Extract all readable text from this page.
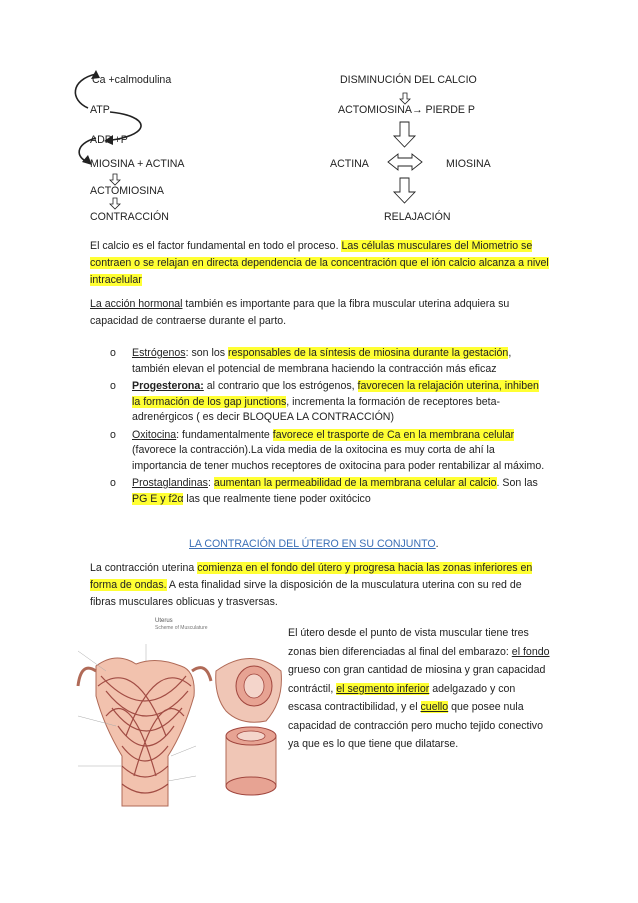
Ca +calmodulina
ATP
ADP +P
MIOSINA + ACTINA
ACTOMIOSINA
CONTRACCIÓN
DISMINUCIÓN DEL CALCIO
ACTOMIOSINA→ PIERDE P
ACTINA	MIOSINA
RELAJACIÓN
El calcio es el factor fundamental en todo el proceso. Las células musculares del Miometrio se contraen o se relajan en directa dependencia de la concentración que el ión calcio alcanza a nivel intracelular
La acción hormonal también es importante para que la fibra muscular uterina adquiera su capacidad de contraerse durante el parto.
o Estrógenos: son los responsables de la síntesis de miosina durante la gestación, también elevan el potencial de membrana haciendo la contracción más eficaz
o Progesterona: al contrario que los estrógenos, favorecen la relajación uterina, inhiben la formación de los gap junctions, incrementa la formación de receptores beta-adrenérgicos ( es decir BLOQUEA LA CONTRACCIÓN)
o Oxitocina: fundamentalmente favorece el trasporte de Ca en la membrana celular (favorece la contracción).La vida media de la oxitocina es muy corta de ahí la importancia de tener muchos receptores de oxitocina para poder rentabilizar al máximo.
o Prostaglandinas: aumentan la permeabilidad de la membrana celular al calcio. Son las PG E y f2α las que realmente tiene poder oxitócico
LA CONTRACIÓN DEL ÚTERO EN SU CONJUNTO.
La contracción uterina comienza en el fondo del útero y progresa hacia las zonas inferiores en forma de ondas. A esta finalidad sirve la disposición de la musculatura uterina con su red de fibras musculares oblicuas y trasversas.
Uterus
Scheme of Musculature	El útero desde el punto de vista muscular tiene tres zonas bien diferenciadas al final del embarazo: el fondo grueso con gran cantidad de miosina y gran capacidad contráctil, el segmento inferior adelgazado y con escasa contractibilidad, y el cuello que posee nula capacidad de contracción pero mucho tejido conectivo ya que es lo que tiene que dilatarse.
